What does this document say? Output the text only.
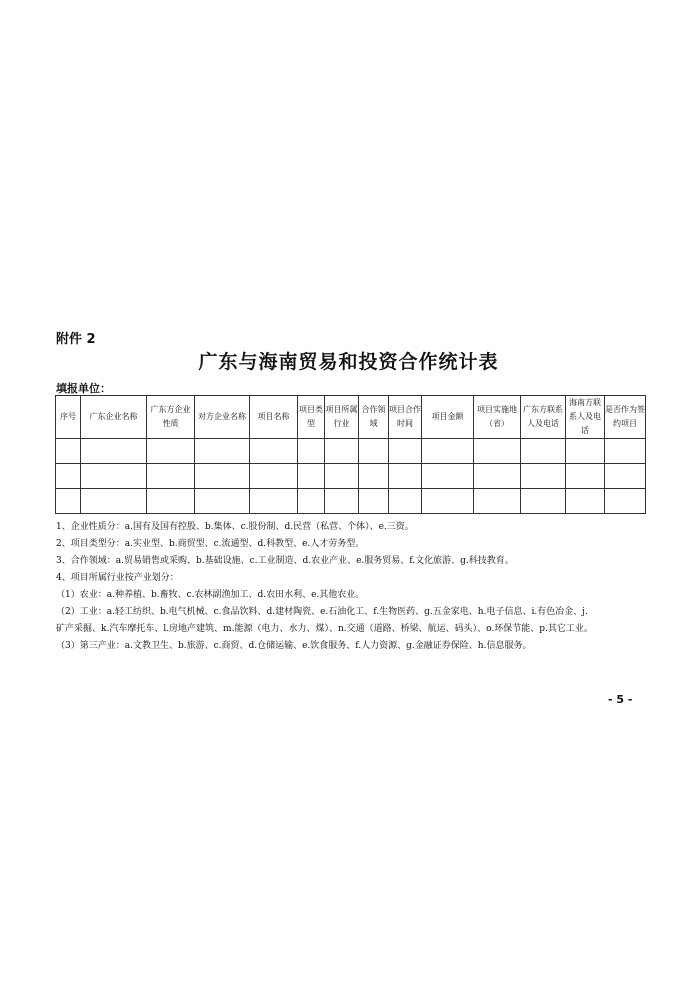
附件 2
广东与海南贸易和投资合作统计表
填报单位：
序号	广东企业名称	广东方企业性质	对方企业名称	项目名称	项目类型	项目所属行业	合作领域	项目合作时间	项目金额	项目实施地（省）	广东方联系人及电话	海南方联系人及电话	是否作为签约项目

1、企业性质分：a.国有及国有控股、b.集体、c.股份制、d.民营（私营、个体）、e.三资。
2、项目类型分：a.实业型、b.商贸型、c.流通型、d.科教型、e.人才劳务型。
3、合作领域：a.贸易销售或采购、b.基础设施、c.工业制造、d.农业产业、e.服务贸易、f.文化旅游、g.科技教育。
4、项目所属行业按产业划分：
（1）农业：a.种养植、b.畜牧、c.农林副渔加工、d.农田水利、e.其他农业。
（2）工业：a.轻工纺织、b.电气机械、c.食品饮料、d.建材陶瓷、e.石油化工、f.生物医药、g.五金家电、h.电子信息、i.有色冶金、j.
矿产采掘、k.汽车摩托车、l.房地产建筑、m.能源（电力、水力、煤）、n.交通（道路、桥梁、航运、码头）、o.环保节能、p.其它工业。
（3）第三产业：a.文教卫生、b.旅游、c.商贸、d.仓储运输、e.饮食服务、f.人力资源、g.金融证券保险、h.信息服务。
- 5 -
